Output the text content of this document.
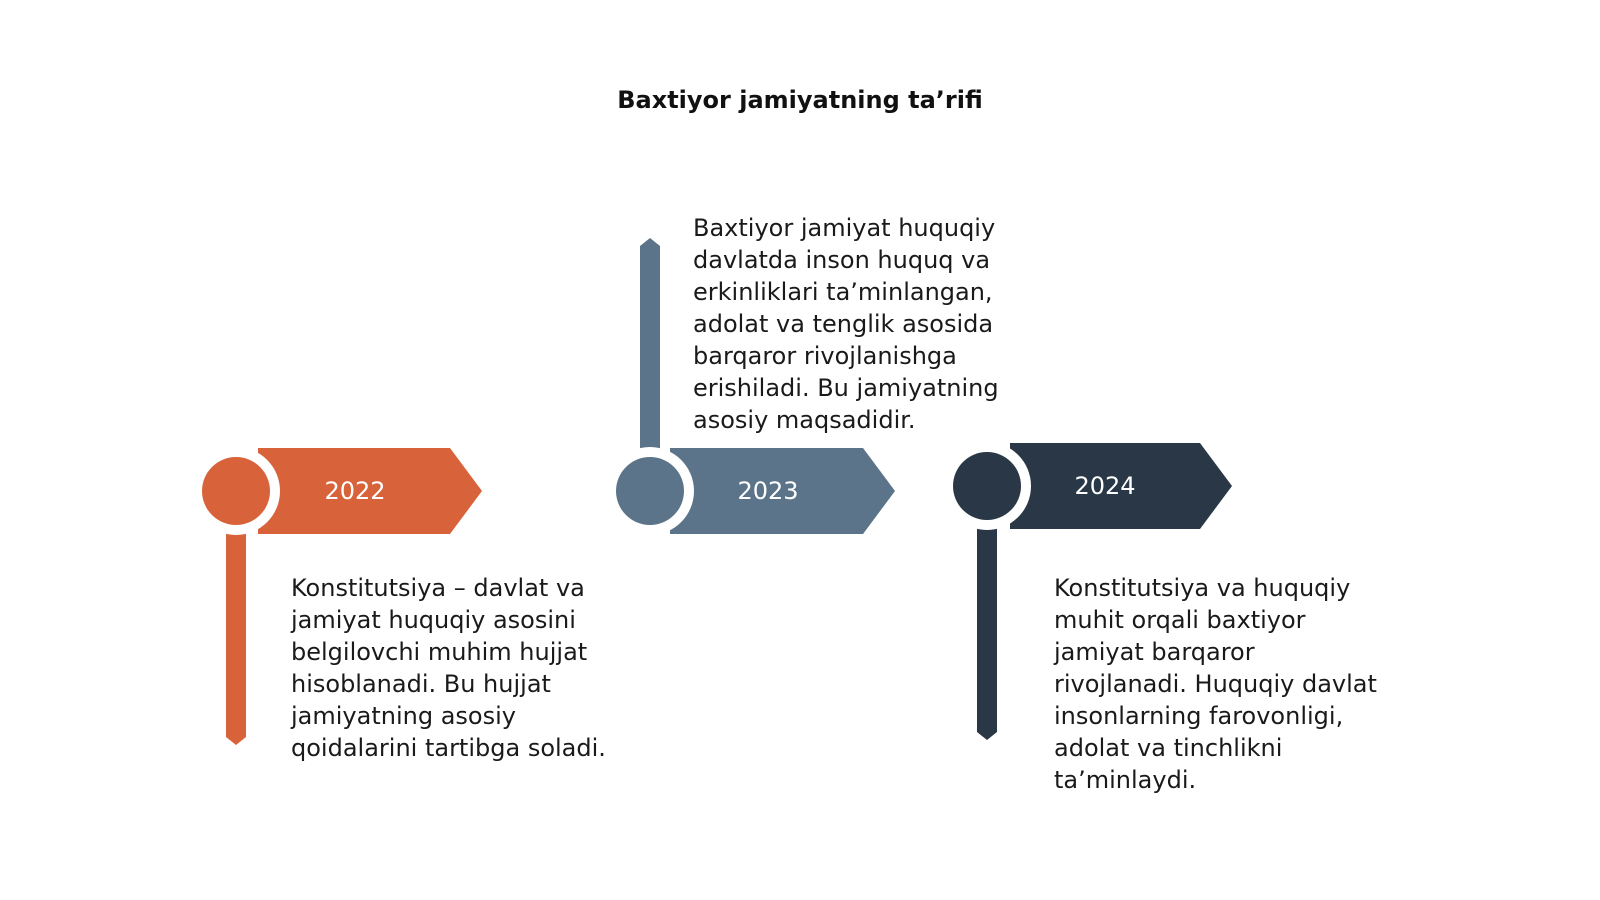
Baxtiyor jamiyatning ta’rifi
2022	2023	2024
Konstitutsiya – davlat va
jamiyat huquqiy asosini
belgilovchi muhim hujjat
hisoblanadi. Bu hujjat
jamiyatning asosiy
qoidalarini tartibga soladi.
Baxtiyor jamiyat huquqiy
davlatda inson huquq va
erkinliklari ta’minlangan,
adolat va tenglik asosida
barqaror rivojlanishga
erishiladi. Bu jamiyatning
asosiy maqsadidir.
Konstitutsiya va huquqiy
muhit orqali baxtiyor
jamiyat barqaror
rivojlanadi. Huquqiy davlat
insonlarning farovonligi,
adolat va tinchlikni
ta’minlaydi.
